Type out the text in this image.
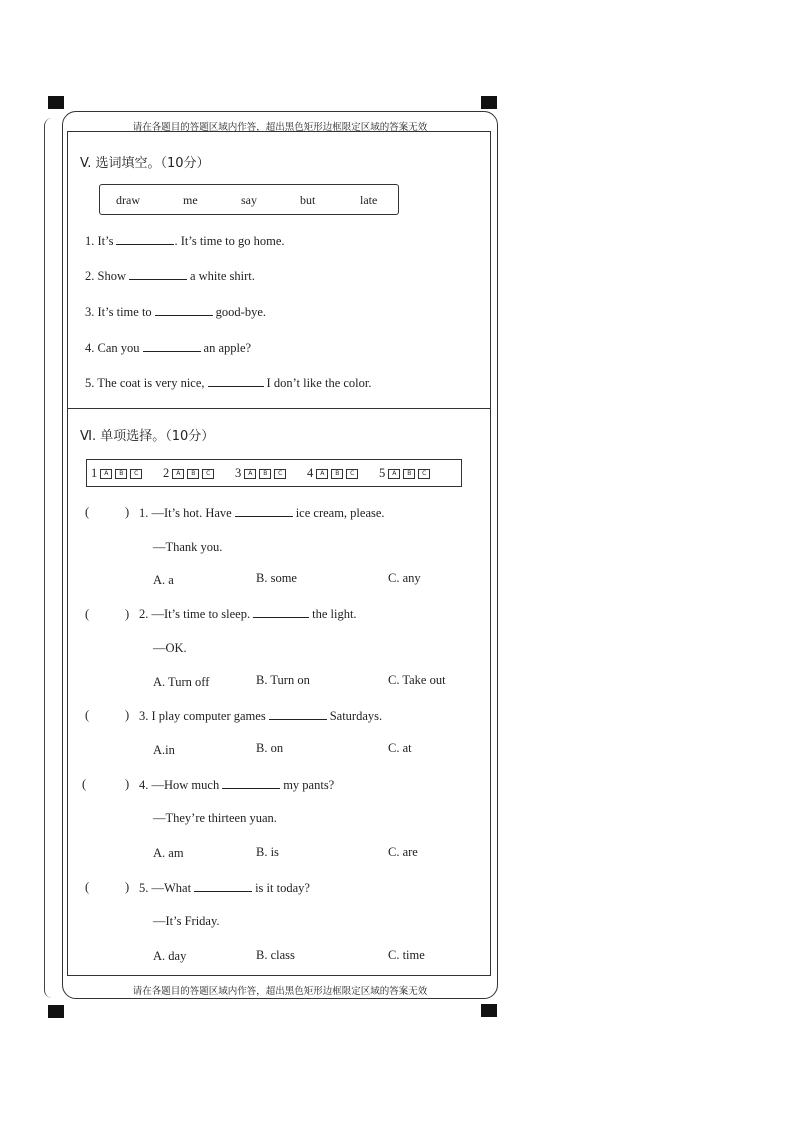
请在各题目的答题区域内作答，超出黑色矩形边框限定区域的答案无效
请在各题目的答题区域内作答，超出黑色矩形边框限定区域的答案无效
V. 选词填空。（10分）
draw	me	say	but	late
1. It’s	. It’s time to go home.
2. Show	a white shirt.
3. It’s time to	good-bye.
4. Can you	an apple?
5. The coat is very nice,	I don’t like the color.
Ⅵ. 单项选择。（10分）
1 A B C	2 A B C	3 A B C	4 A B C	5 A B C
(	) 1. —It’s hot. Have	ice cream, please.
—Thank you.
A. a	B. some	C. any
(	) 2. —It’s time to sleep.	the light.
—OK.
A. Turn off	B. Turn on	C. Take out
(	) 3. I play computer games	Saturdays.
A.in	B. on	C. at
(	) 4. —How much	my pants?
—They’re thirteen yuan.
A. am	B. is	C. are
(	) 5. —What	is it today?
—It’s Friday.
A. day	B. class	C. time
